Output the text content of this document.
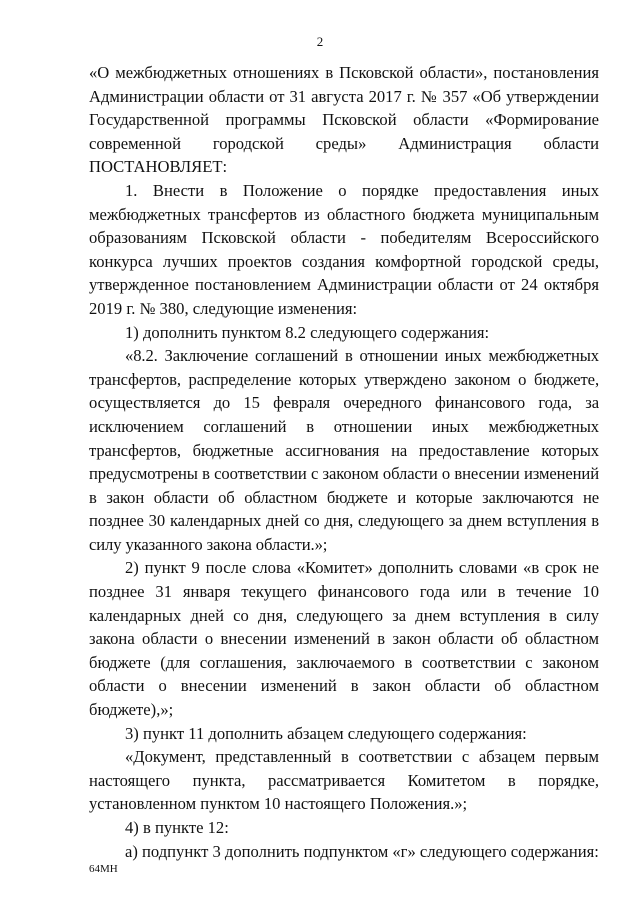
2

«О межбюджетных отношениях в Псковской области», постановления Администрации области от 31 августа 2017 г. № 357 «Об утверждении Государственной программы Псковской области «Формирование современной городской среды» Администрация области ПОСТАНОВЛЯЕТ:

1. Внести в Положение о порядке предоставления иных межбюджетных трансфертов из областного бюджета муниципальным образованиям Псковской области - победителям Всероссийского конкурса лучших проектов создания комфортной городской среды, утвержденное постановлением Администрации области от 24 октября 2019 г. № 380, следующие изменения:

1) дополнить пунктом 8.2 следующего содержания:

«8.2. Заключение соглашений в отношении иных межбюджетных трансфертов, распределение которых утверждено законом о бюджете, осуществляется до 15 февраля очередного финансового года, за исключением соглашений в отношении иных межбюджетных трансфертов, бюджетные ассигнования на предоставление которых предусмотрены в соответствии с законом области о внесении изменений в закон области об областном бюджете и которые заключаются не позднее 30 календарных дней со дня, следующего за днем вступления в силу указанного закона области.»;

2) пункт 9 после слова «Комитет» дополнить словами «в срок не позднее 31 января текущего финансового года или в течение 10 календарных дней со дня, следующего за днем вступления в силу закона области о внесении изменений в закон области об областном бюджете (для соглашения, заключаемого в соответствии с законом области о внесении изменений в закон области об областном бюджете),»;

3) пункт 11 дополнить абзацем следующего содержания:

«Документ, представленный в соответствии с абзацем первым настоящего пункта, рассматривается Комитетом в порядке, установленном пунктом 10 настоящего Положения.»;

4) в пункте 12:

а) подпункт 3 дополнить подпунктом «г» следующего содержания:

64МН
